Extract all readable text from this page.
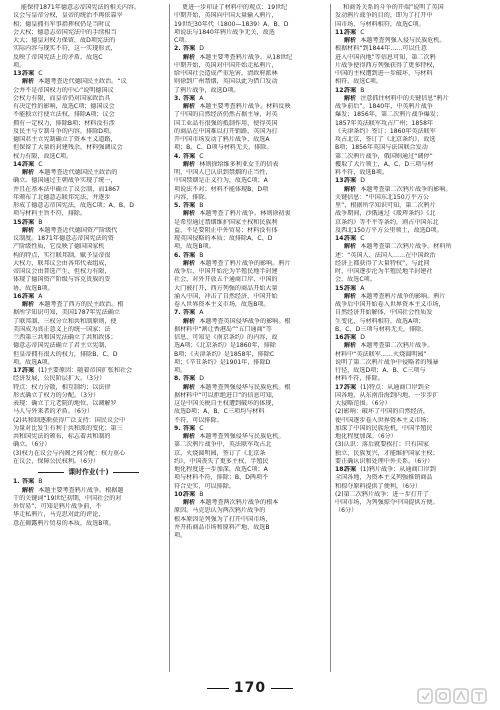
能保持1871年德意志帝国宪法的相关内容。
议会与皇帝分权，皇帝的统治不再依靠宰
相；德皇拥有军事指挥权仍是当时议
会大权；德意志帝国宪法中的手续相当
大大；德皇对权力保留，故D项宪法的
实际内容与现实不符，这一实现形式，
反映了帝国宪法上的矛盾。故选C
项。
13.答案 C
解析 本题考查近代德国民主政治。“议
会并不是帝国权力的中心”说明德国议
会权力有限，而皇帝仍对国家政治具
有决定性的影响，故选C项；德国议会
不能独立行使立法权，排除A项；议会
拥有一定权力，排除B项；材料没有涉
及民主与专制斗争的内容，排除D项。
德国君主立宪制确立了资本主义道路，
但保留了大量的封建残余，材料强调议会
权力有限，故选C项。
14.答案 C
解析 本题考查近代德国民主政治的
确立。德国通过王朝战争实现了统一，
并且在基本法中确立了议会制，而1867
年颁布了北德意志联邦宪法，并逐步
形成了德意志帝国宪法，故选C项；A、B、D
项与材料主旨不符，排除。
15.答案 B
解析 本题考查近代德国资产阶级代
议制度。1871年德意志帝国宪法的资
产阶级性质，它反映了德国国家机
构的特点，实行联邦制，赋予皇帝很
大权力，联邦议会由各邦代表组成，
帝国议会由普选产生，但权力有限，
体现了德国资产阶级与容克贵族的妥
协，故选B项。
16.答案 A
解析 本题考查了西方的民主政治。根
据所学知识可知，美国1787年宪法确立
了联邦制、三权分立和共和制原则，使
美国成为真正意义上的统一国家；法
兰西第三共和国宪法确立了共和政体；
德意志帝国宪法确立了君主立宪制，
但皇帝拥有很大的权力，排除B、C、D
项。故选A项。
17.答案 (1)主要原因：随着帝国扩张和社会
经济发展，公民阶层扩大。（3分）
特点：权力分散，相互制约；以法律
形式确立了权力的分配。（3分）
表现：确立了元老院的地位，以调解罗
马人与外来者的矛盾。（6分）
(2)共和制逐渐获得广泛支持：国民议会中
为量对比发生有利于共和派的变化；第三
共和国宪法的颁布，标志着共和制的
确立。（6分）
(3)权力在议会与内阁之间分配：权力重心
在议会，保障公民权利。（6分）
课时作业(十)
1. 答案 B
解析 本题主要考查鸦片战争。根据题
干的关键词“19世纪初期，中国社会的对
外贸易”，可知是鸦片战争前，不
华走私鸦片，马克思对此的评论，
意在揭露鸦片贸易的本质，故选B项。
更进一步印证了材料中的观点；19世纪
中期开始，英国向中国大量输入鸦片，
19世纪30年代（1800—1839）A、B、D
项说法与1840年鸦片战争无关，故选
C项。
2. 答案 D
解析 本题主要考查鸦片战争。从18世纪
中期开始，英国对中国开始走私鸦片，
给中国社会造成严重危害，清政府派林
则徐到广州禁烟，英国以此为借口发动
了鸦片战争，故选D项。
3. 答案 A
解析 本题主要考查鸦片战争。材料反映
了中国的自然经济仍然占据主导，对英
国工业品有很强的抵制作用，使得英国
的商品在中国难以打开销路，英国为打
开中国市场发动了鸦片战争，故选A
项；B、C、D项与材料无关，排除。
4. 答案 C
解析 林则徐给维多利亚女王的信表
明，中国人已认识到禁烟的正当性，
中国禁烟是正义行为，故选C项；A
项说法不对；材料不能体现B、D项
内容，排除。
5. 答案 B
解析 本题考查了鸦片战争。林则徐初衷
是希望通过禁烟维护国家主权和民族利
益，不是要阻止中外贸易；材料没有体
现英国侵略的本质；故排除A、C、D
项，故选B项。
6. 答案 B
解析 本题考查了鸦片战争的影响。鸦片
战争后，中国开始沦为半殖民地半封建
社会，对外开放五个通商口岸，中国的
大门被打开，西方列强的商品开始大量
涌入中国，冲击了自然经济，中国开始
卷入世界资本主义市场，故选B项。
7. 答案 A
解析 本题考查英国侵华战争的影响。根
据材料中“割让香港岛”“五口通商”等
信息，可知是《南京条约》的内容，故
选A项；《北京条约》是1860年，排除
B项；《天津条约》是1858年，排除C
项；《辛丑条约》是1901年，排除D
项。
8. 答案 D
解析 本题考查列强侵华与民族危机。根
据材料中“可以拒绝进口”的信息可知，
这是中国关税自主权遭到破坏的体现，
故选D项；A、B、C三项均与材料
不符，可以排除。
9. 答案 C
解析 本题考查列强侵华与民族危机。
第二次鸦片战争中，英法联军攻占北
京，火烧圆明园，签订了《北京条
约》，中国丧失了更多主权，半殖民
地化程度进一步加深，故选C项；A
项与材料不符，排除；B、D两项不
符合史实，可以排除。
10.答案 B
解析 本题考查两次鸦片战争的根本
原因。马克思认为两次鸦片战争的
根本原因是列强为了打开中国市场，
并开拓商品市场和原料产地，故选B
项。
和商务关系的斗争的开端”说明了英国
发动鸦片战争的目的，即为了打开中
国市场，与材料相符，故选C项。
11.答案 C
解析 本题考查列强入侵与民族危机。
根据材料“到1844年……可以任意
进入中国内地”等信息可知，第二次鸦
片战争使得西方列强获得了更多特权，
中国的主权遭到进一步破坏，与材料
相符，故选C项。
12.答案 B
解析 注意抓住材料中的关键信息“鸦片
战争前后”。1840年，中英鸦片战争
爆发；1856年，第二次鸦片战争爆发；
1857年英法联军攻占广州；1858年
《天津条约》签订；1860年英法联军
攻占北京，签订了《北京条约》，故选
B项；1856年英国与法国联合发动
第二次鸦片战争，俄国则通过“调停”
攫取了大片领土，A、C、D三项与材
料不符，故选B项。
13.答案 D
解析 本题考查第二次鸦片战争的影响。
关键信息：“中国东北150万平方公
里”，根据所学知识可知，第二次鸦片
战争期间，沙俄通过《瑷珲条约》《北
京条约》等不平等条约，割占中国东北
及西北150万平方公里领土，故选D项。
14.答案 C
解析 本题考查第二次鸦片战争。材料所
述：“英国人、法国人……在中国政治
经济上都获得了大量特权”，与此同
时，中国逐步沦为半殖民地半封建社
会，故选C项。
15.答案 A
解析 本题考查鸦片战争的影响。鸦片
战争后中国开始卷入世界资本主义市场，
自然经济开始解体，中国社会性质发
生变化，与材料相符，故选A项；
B、C、D三项与材料无关，排除。
16.答案 D
解析 本题考查第二次鸦片战争。
材料中“英法联军……火烧圆明园”
说明了第二次鸦片战争中侵略者的残暴
行径，故选D项；A、B、C三项与
材料不符，排除。
17.答案 (1)特点：从通商口岸到全
国各地，从东南沿海到内地，一步步扩
大侵略范围。（6分）
(2)影响：破坏了中国的自然经济，
使中国逐步卷入世界资本主义市场；
加深了中国的民族危机，中国半殖民
地化程度加深。（6分）
(3)认识：落后就要挨打；只有国家
独立、民族复兴，才能维护国家主权；
要正确认识和处理中外关系。（6分）
18.答案 (1)鸦片战争：从通商口岸到
全国各地，为资本主义列强推销商品
和掠夺原料提供了便利。（6分）
(2)第二次鸦片战争：进一步打开了
中国市场，为列强掠夺中国提供方便。
（6分）
170
